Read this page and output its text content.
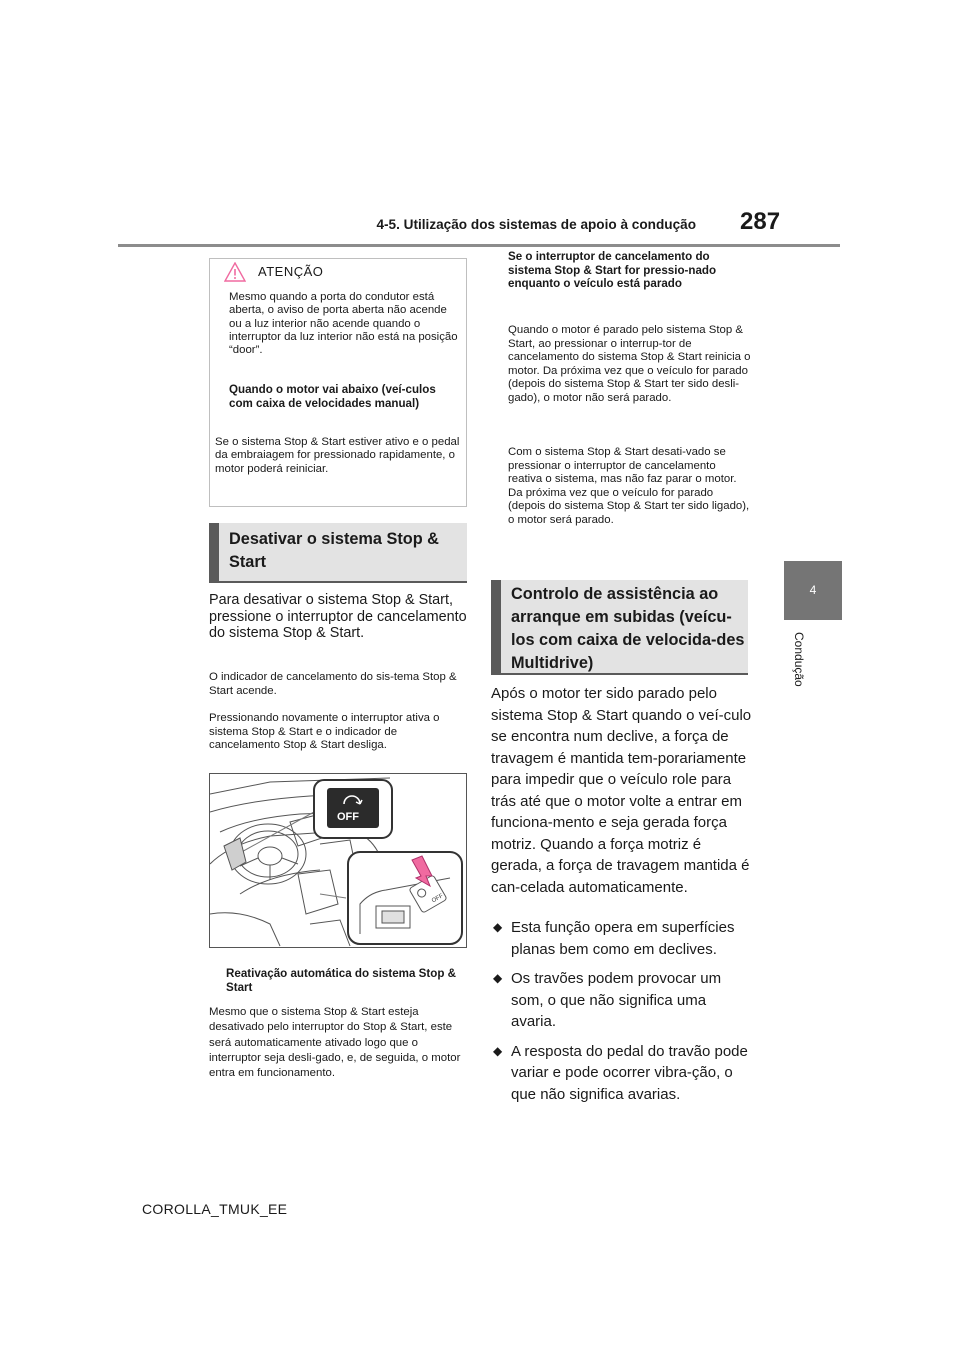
4-5. Utilização dos sistemas de apoio à condução 287
4
Condução
ATENÇÃO
Mesmo quando a porta do condutor está aberta, o aviso de porta aberta não acende ou a luz interior não acende quando o interruptor da luz interior não está na posição “door”.
Quando o motor vai abaixo (veí-culos com caixa de velocidades manual)
Se o sistema Stop & Start estiver ativo e o pedal da embraiagem for pressionado rapidamente, o motor poderá reiniciar.
Desativar o sistema Stop & Start
Para desativar o sistema Stop & Start, pressione o interruptor de cancelamento do sistema Stop & Start.
O indicador de cancelamento do sis-tema Stop & Start acende.
Pressionando novamente o interruptor ativa o sistema Stop & Start e o indicador de cancelamento Stop & Start desliga.
OFF
OFF
Reativação automática do sistema Stop & Start
Mesmo que o sistema Stop & Start esteja desativado pelo interruptor do Stop & Start, este será automaticamente ativado logo que o interruptor seja desli-gado, e, de seguida, o motor entra em funcionamento.
Se o interruptor de cancelamento do sistema Stop & Start for pressio-nado enquanto o veículo está parado
Quando o motor é parado pelo sistema Stop & Start, ao pressionar o interrup-tor de cancelamento do sistema Stop & Start reinicia o motor. Da próxima vez que o veículo for parado (depois do sistema Stop & Start ter sido desli-gado), o motor não será parado.
Com o sistema Stop & Start desati-vado se pressionar o interruptor de cancelamento reativa o sistema, mas não faz parar o motor. Da próxima vez que o veículo for parado (depois do sistema Stop & Start ter sido ligado), o motor será parado.
Controlo de assistência ao arranque em subidas (veícu-los com caixa de velocida-des Multidrive)
Após o motor ter sido parado pelo sistema Stop & Start quando o veí-culo se encontra num declive, a força de travagem é mantida tem-porariamente para impedir que o veículo role para trás até que o motor volte a entrar em funciona-mento e seja gerada força motriz. Quando a força motriz é gerada, a força de travagem mantida é can-celada automaticamente.
◆ Esta função opera em superfícies planas bem como em declives.
◆ Os travões podem provocar um som, o que não significa uma avaria.
◆ A resposta do pedal do travão pode variar e pode ocorrer vibra-ção, o que não significa avarias.
COROLLA_TMUK_EE
